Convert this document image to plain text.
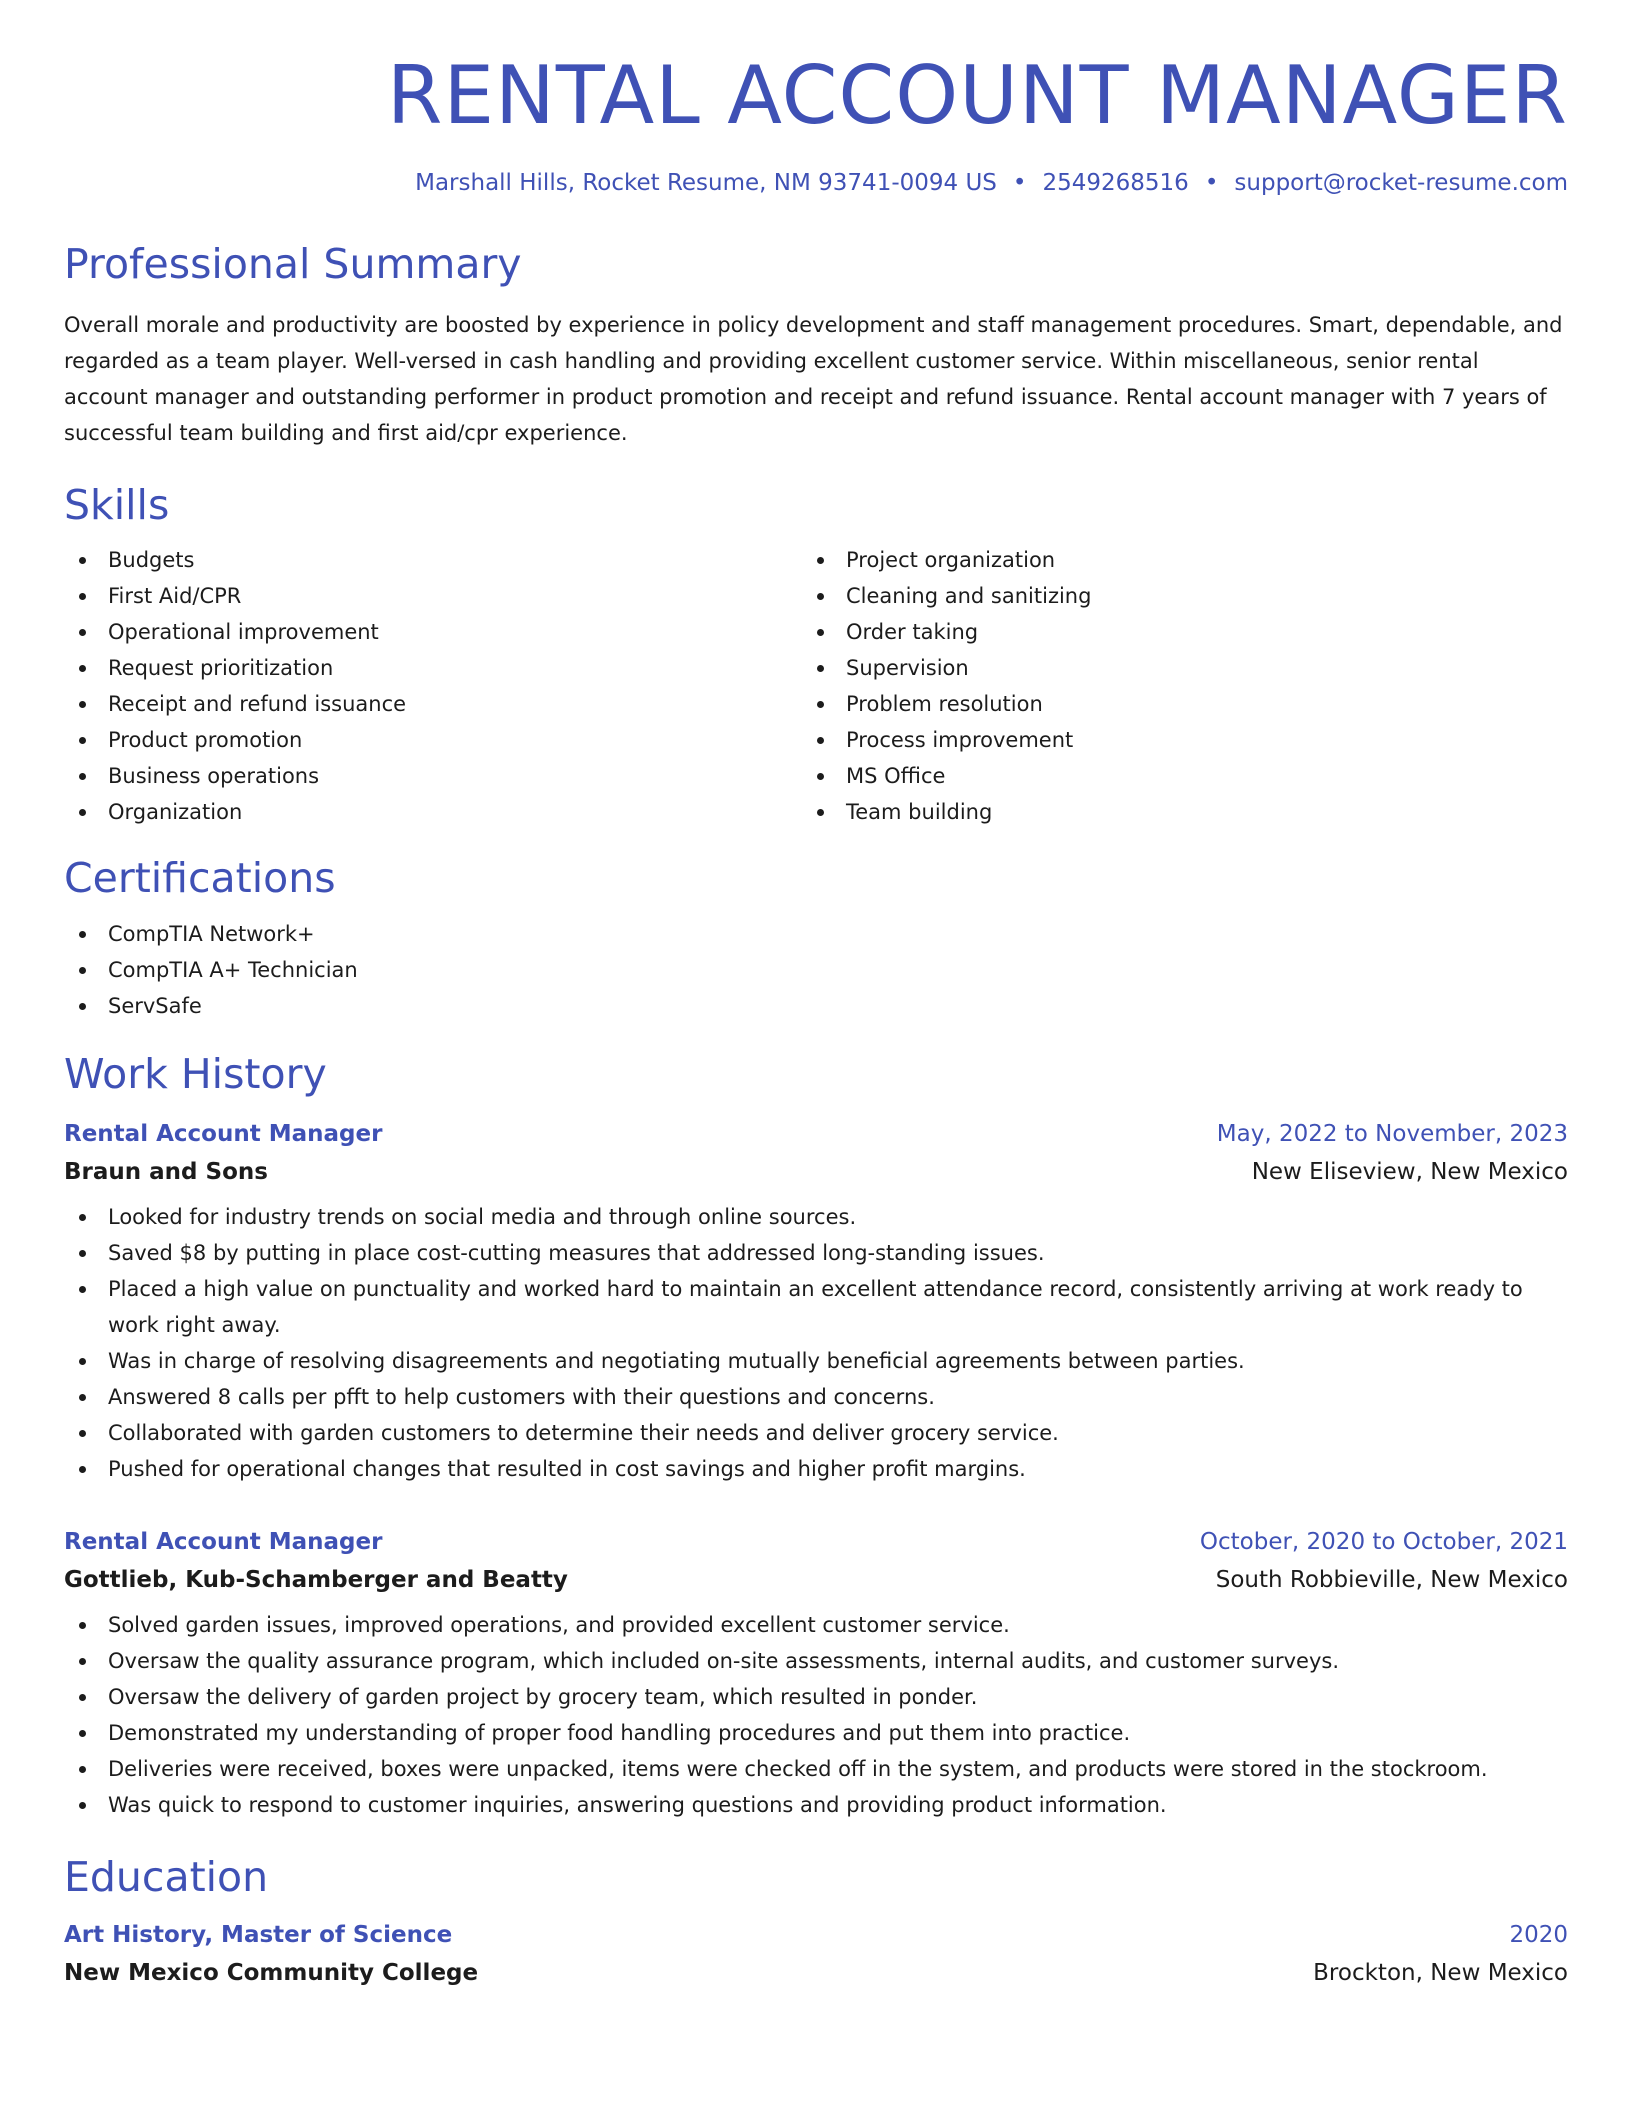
RENTAL ACCOUNT MANAGER
Marshall Hills, Rocket Resume, NM 93741-0094 US • 2549268516 • support@rocket-resume.com
Professional Summary
Overall morale and productivity are boosted by experience in policy development and staff management procedures. Smart, dependable, and regarded as a team player. Well-versed in cash handling and providing excellent customer service. Within miscellaneous, senior rental account manager and outstanding performer in product promotion and receipt and refund issuance. Rental account manager with 7 years of successful team building and first aid/cpr experience.
Skills
Budgets
First Aid/CPR
Operational improvement
Request prioritization
Receipt and refund issuance
Product promotion
Business operations
Organization
Project organization
Cleaning and sanitizing
Order taking
Supervision
Problem resolution
Process improvement
MS Office
Team building
Certifications
CompTIA Network+
CompTIA A+ Technician
ServSafe
Work History
Rental Account Manager	May, 2022 to November, 2023
Braun and Sons	New Eliseview, New Mexico
Looked for industry trends on social media and through online sources.
Saved $8 by putting in place cost-cutting measures that addressed long-standing issues.
Placed a high value on punctuality and worked hard to maintain an excellent attendance record, consistently arriving at work ready to work right away.
Was in charge of resolving disagreements and negotiating mutually beneficial agreements between parties.
Answered 8 calls per pfft to help customers with their questions and concerns.
Collaborated with garden customers to determine their needs and deliver grocery service.
Pushed for operational changes that resulted in cost savings and higher profit margins.
Rental Account Manager	October, 2020 to October, 2021
Gottlieb, Kub-Schamberger and Beatty	South Robbieville, New Mexico
Solved garden issues, improved operations, and provided excellent customer service.
Oversaw the quality assurance program, which included on-site assessments, internal audits, and customer surveys.
Oversaw the delivery of garden project by grocery team, which resulted in ponder.
Demonstrated my understanding of proper food handling procedures and put them into practice.
Deliveries were received, boxes were unpacked, items were checked off in the system, and products were stored in the stockroom.
Was quick to respond to customer inquiries, answering questions and providing product information.
Education
Art History, Master of Science	2020
New Mexico Community College	Brockton, New Mexico
